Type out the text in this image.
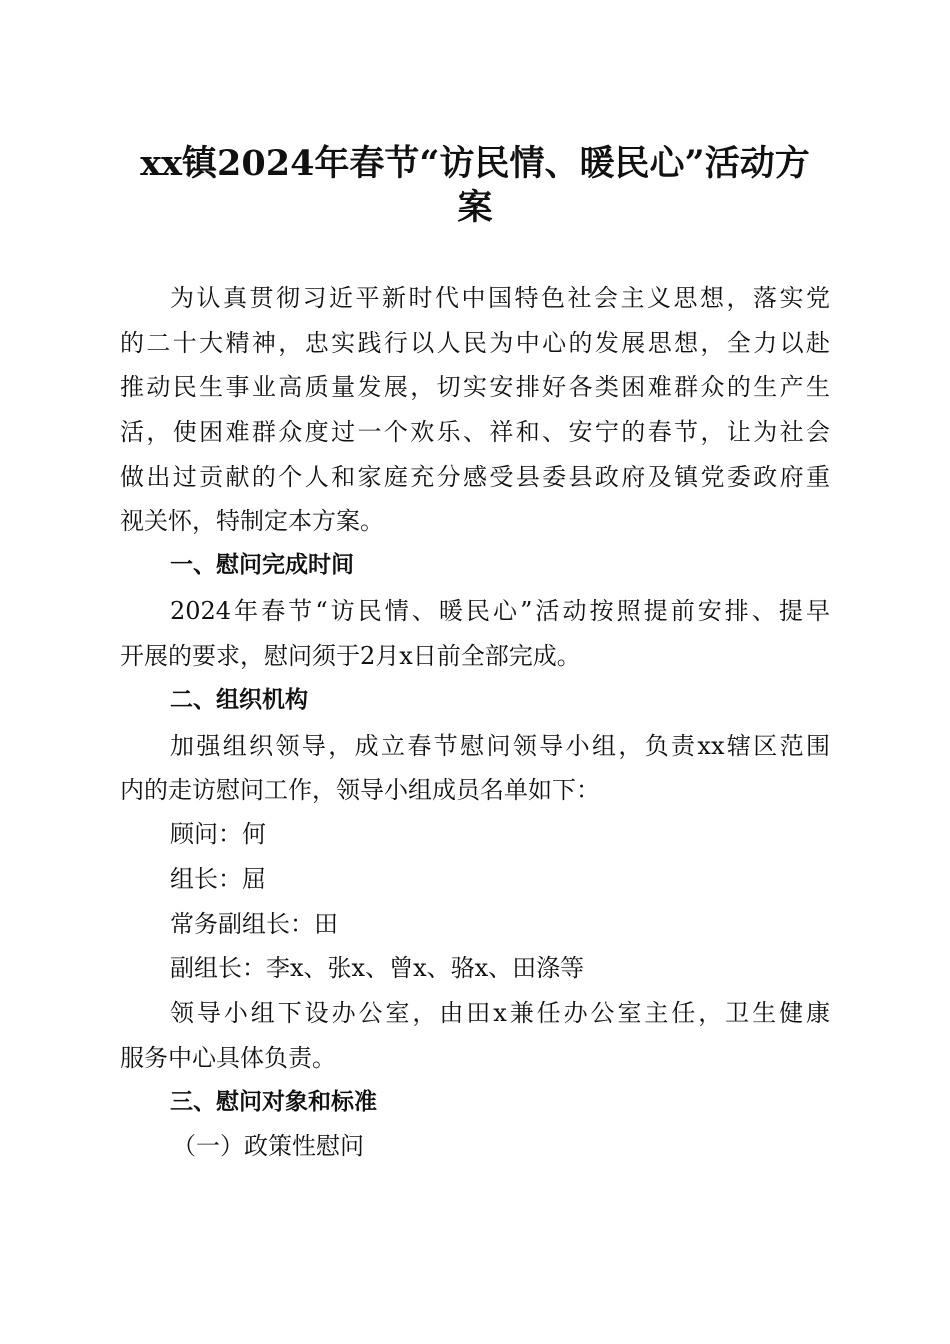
xx镇2024年春节“访民情、暖民心”活动方
案

为认真贯彻习近平新时代中国特色社会主义思想，落实党

的二十大精神，忠实践行以人民为中心的发展思想，全力以赴

推动民生事业高质量发展，切实安排好各类困难群众的生产生

活，使困难群众度过一个欢乐、祥和、安宁的春节，让为社会

做出过贡献的个人和家庭充分感受县委县政府及镇党委政府重

视关怀，特制定本方案。

一、慰问完成时间

2024年春节“访民情、暖民心”活动按照提前安排、提早

开展的要求，慰问须于2月x日前全部完成。

二、组织机构

加强组织领导，成立春节慰问领导小组，负责xx辖区范围

内的走访慰问工作，领导小组成员名单如下：

顾问：何

组长：屈

常务副组长：田

副组长：李x、张x、曾x、骆x、田涤等

领导小组下设办公室，由田x兼任办公室主任，卫生健康

服务中心具体负责。

三、慰问对象和标准

（一）政策性慰问
